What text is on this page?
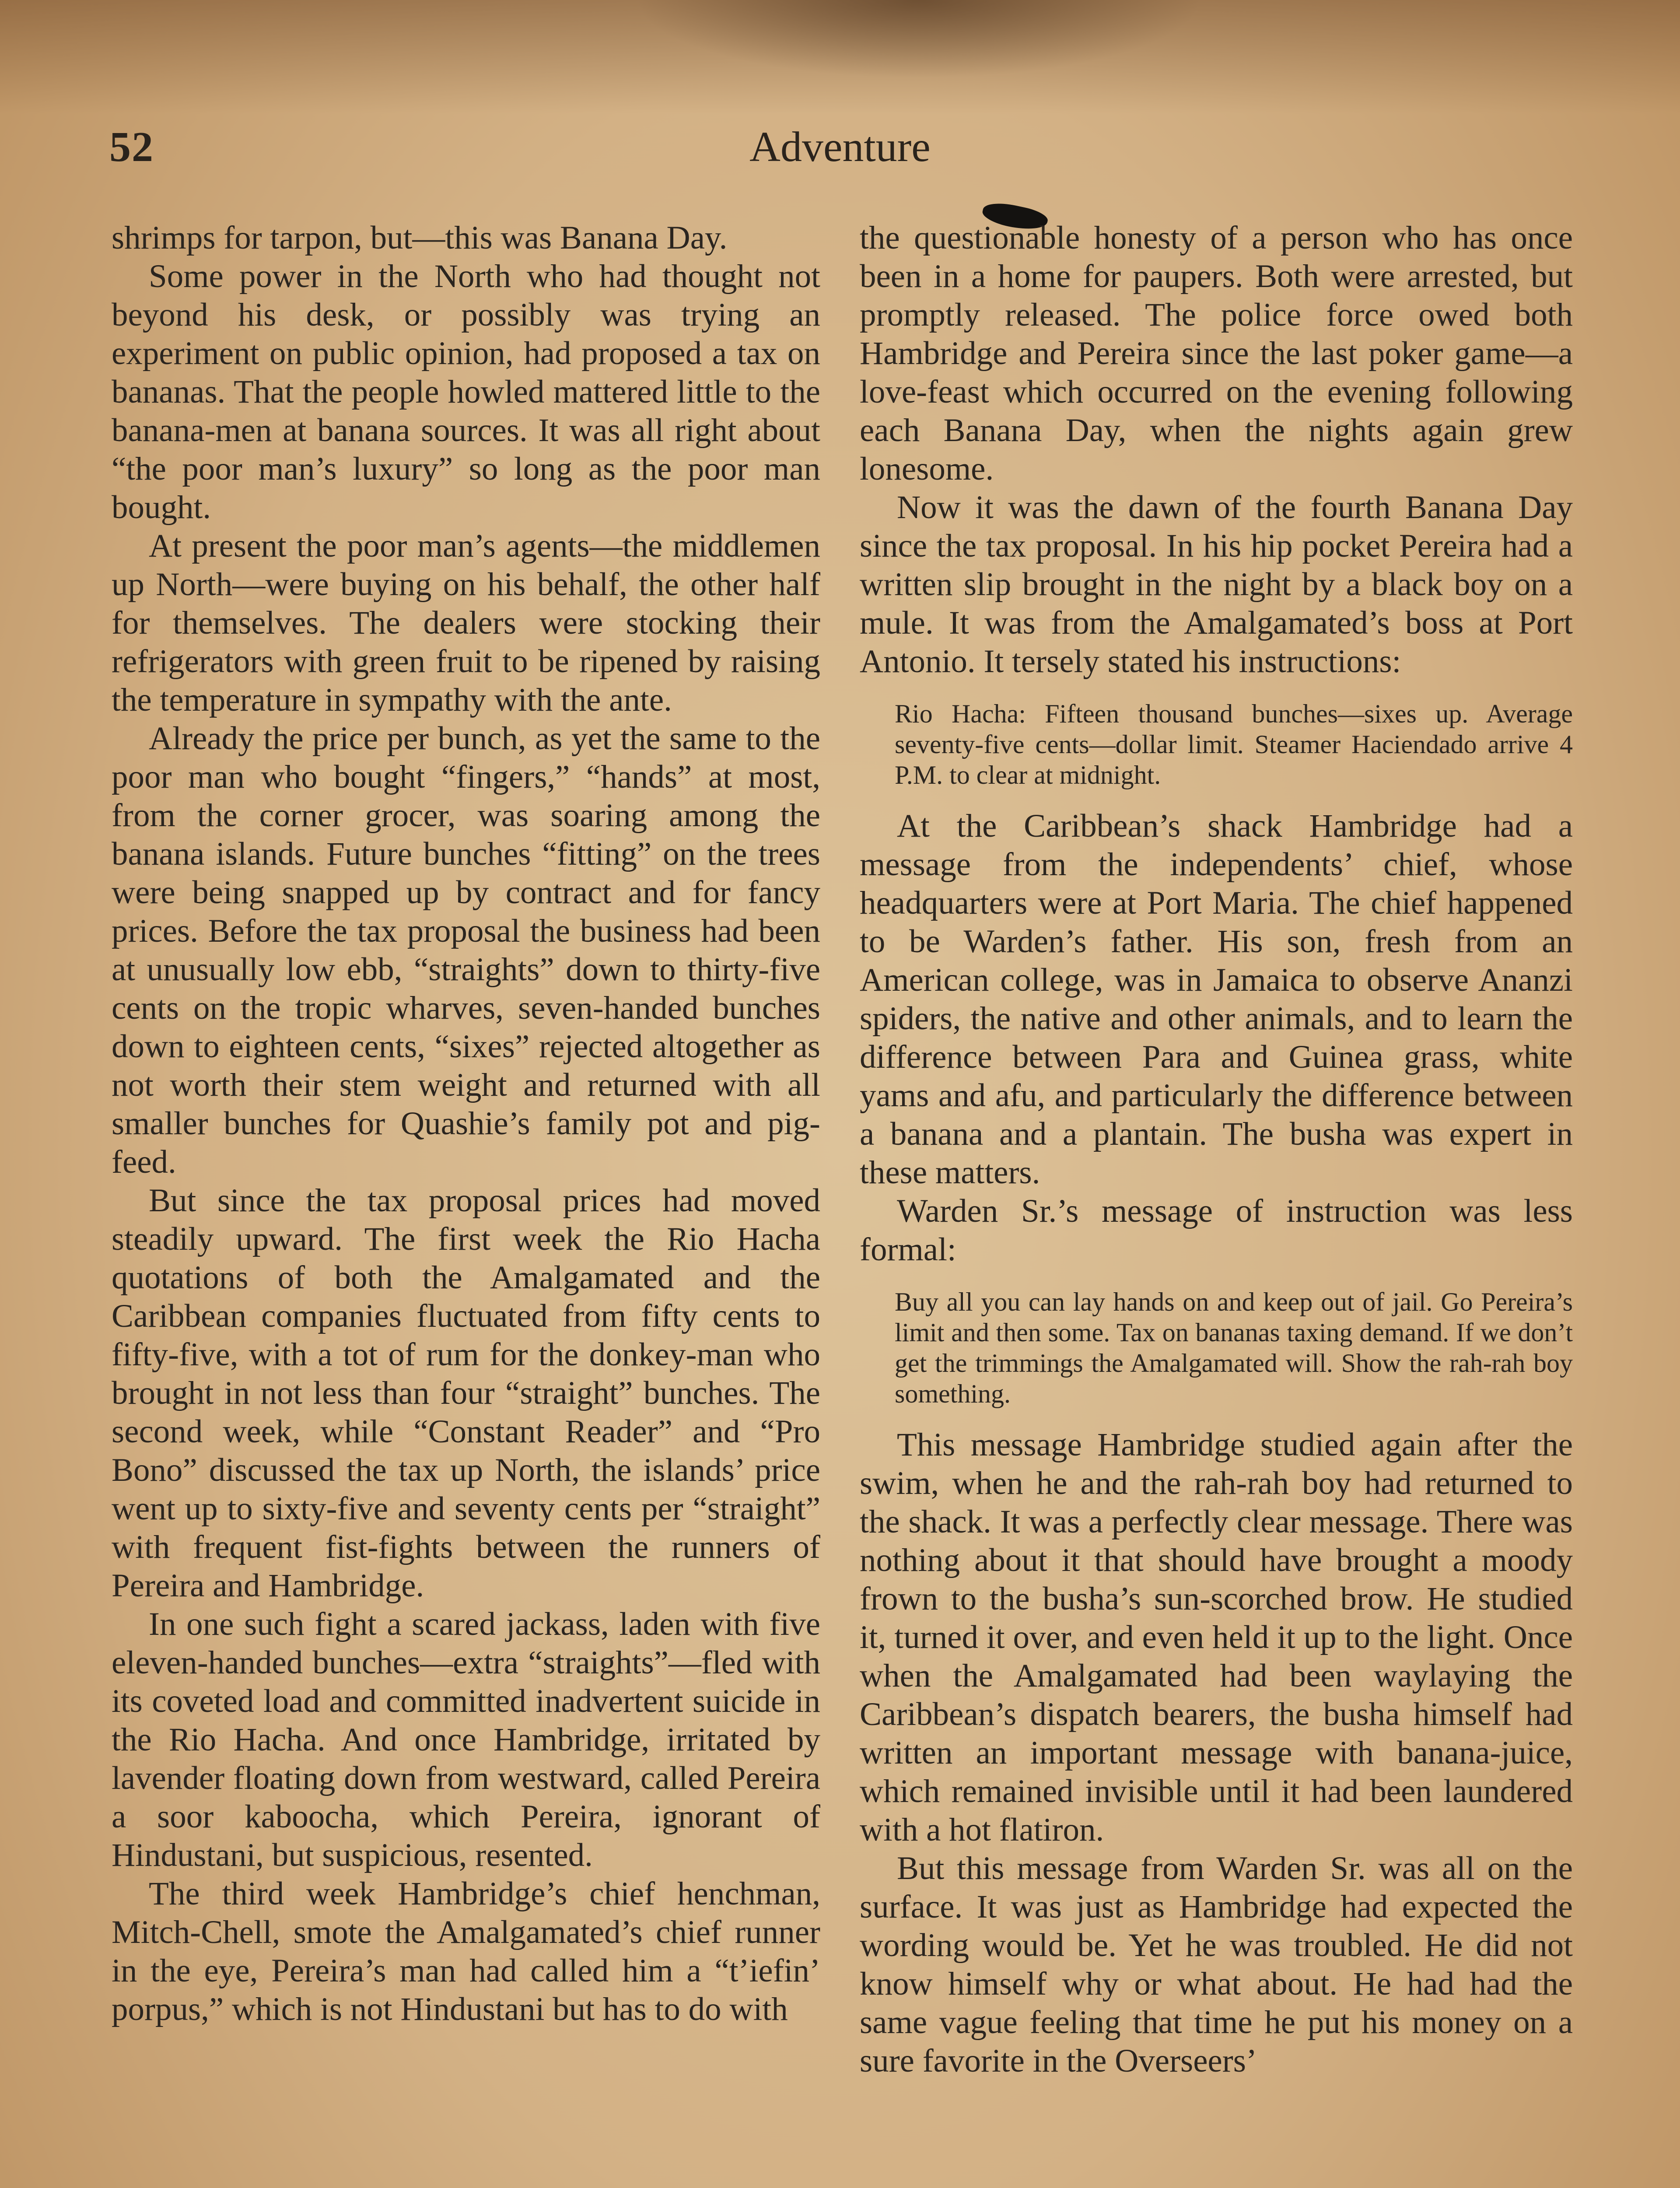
52	Adventure

shrimps for tarpon, but—this was Banana Day.

Some power in the North who had thought not beyond his desk, or possibly was trying an experiment on public opinion, had proposed a tax on bananas. That the people howled mattered little to the banana-men at banana sources. It was all right about “the poor man’s luxury” so long as the poor man bought.

At present the poor man’s agents—the middlemen up North—were buying on his behalf, the other half for themselves. The dealers were stocking their refrigerators with green fruit to be ripened by raising the temperature in sympathy with the ante.

Already the price per bunch, as yet the same to the poor man who bought “fingers,” “hands” at most, from the corner grocer, was soaring among the banana islands. Future bunches “fitting” on the trees were being snapped up by contract and for fancy prices. Before the tax proposal the business had been at unusually low ebb, “straights” down to thirty-five cents on the tropic wharves, seven-handed bunches down to eighteen cents, “sixes” rejected altogether as not worth their stem weight and returned with all smaller bunches for Quashie’s family pot and pig-feed.

But since the tax proposal prices had moved steadily upward. The first week the Rio Hacha quotations of both the Amalgamated and the Caribbean companies fluctuated from fifty cents to fifty-five, with a tot of rum for the donkey-man who brought in not less than four “straight” bunches. The second week, while “Constant Reader” and “Pro Bono” discussed the tax up North, the islands’ price went up to sixty-five and seventy cents per “straight” with frequent fist-fights between the runners of Pereira and Hambridge.

In one such fight a scared jackass, laden with five eleven-handed bunches—extra “straights”—fled with its coveted load and committed inadvertent suicide in the Rio Hacha. And once Hambridge, irritated by lavender floating down from westward, called Pereira a soor kaboocha, which Pereira, ignorant of Hindustani, but suspicious, resented.

The third week Hambridge’s chief henchman, Mitch-Chell, smote the Amalgamated’s chief runner in the eye, Pereira’s man had called him a “t’iefin’ porpus,” which is not Hindustani but has to do with

the questionable honesty of a person who has once been in a home for paupers. Both were arrested, but promptly released. The police force owed both Hambridge and Pereira since the last poker game—a love-feast which occurred on the evening following each Banana Day, when the nights again grew lonesome.

Now it was the dawn of the fourth Banana Day since the tax proposal. In his hip pocket Pereira had a written slip brought in the night by a black boy on a mule. It was from the Amalgamated’s boss at Port Antonio. It tersely stated his instructions:

Rio Hacha: Fifteen thousand bunches—sixes up. Average seventy-five cents—dollar limit. Steamer Haciendado arrive 4 P.M. to clear at midnight.

At the Caribbean’s shack Hambridge had a message from the independents’ chief, whose headquarters were at Port Maria. The chief happened to be Warden’s father. His son, fresh from an American college, was in Jamaica to observe Ananzi spiders, the native and other animals, and to learn the difference between Para and Guinea grass, white yams and afu, and particularly the difference between a banana and a plantain. The busha was expert in these matters.

Warden Sr.’s message of instruction was less formal:

Buy all you can lay hands on and keep out of jail. Go Pereira’s limit and then some. Tax on bananas taxing demand. If we don’t get the trimmings the Amalgamated will. Show the rah-rah boy something.

This message Hambridge studied again after the swim, when he and the rah-rah boy had returned to the shack. It was a perfectly clear message. There was nothing about it that should have brought a moody frown to the busha’s sun-scorched brow. He studied it, turned it over, and even held it up to the light. Once when the Amalgamated had been waylaying the Caribbean’s dispatch bearers, the busha himself had written an important message with banana-juice, which remained invisible until it had been laundered with a hot flatiron.

But this message from Warden Sr. was all on the surface. It was just as Hambridge had expected the wording would be. Yet he was troubled. He did not know himself why or what about. He had had the same vague feeling that time he put his money on a sure favorite in the Overseers’
